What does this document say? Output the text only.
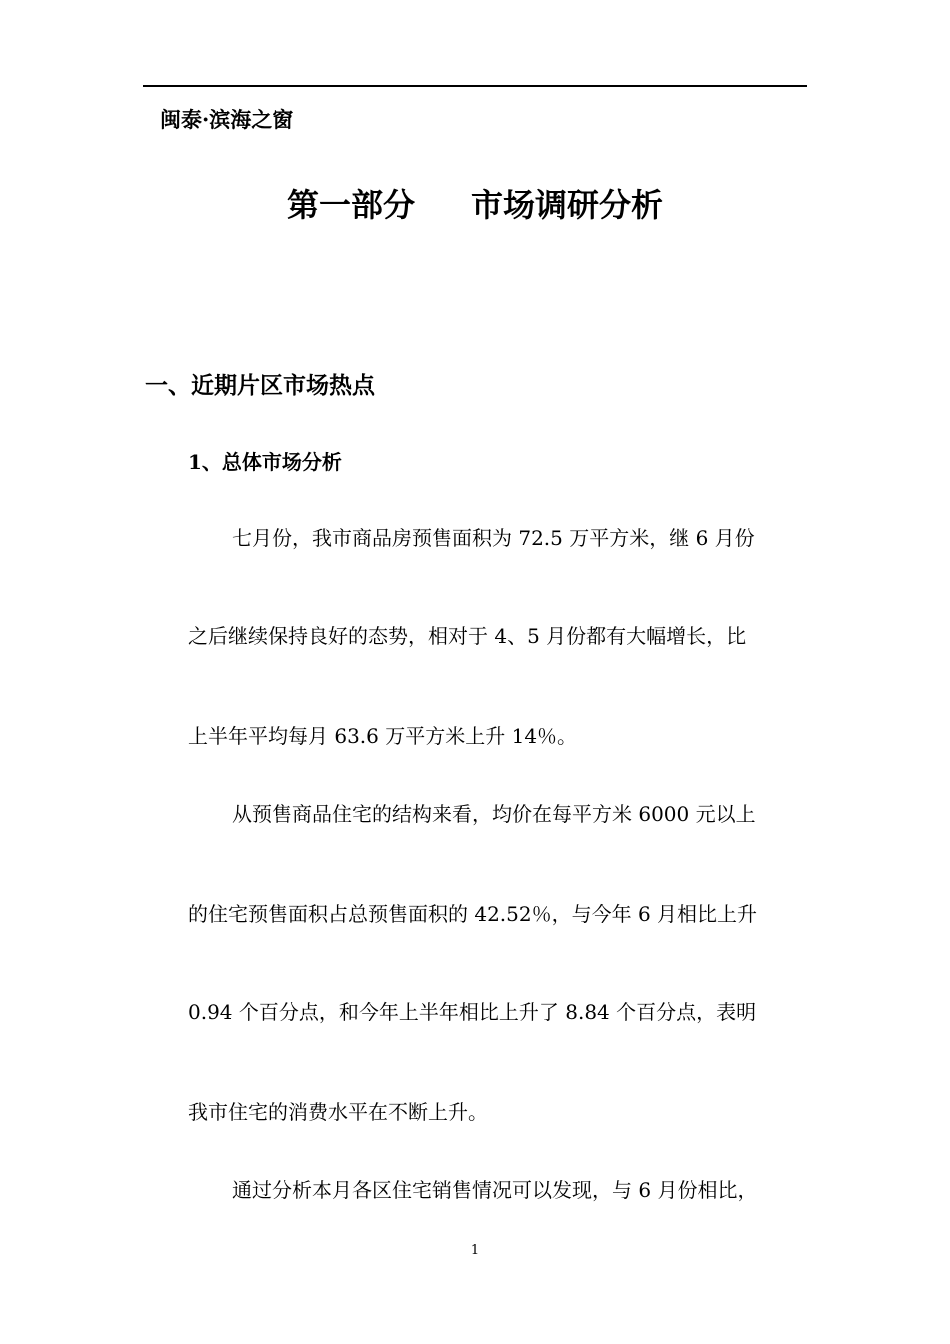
闽泰·滨海之窗
第一部分 市场调研分析
一、近期片区市场热点
1、总体市场分析
七月份，我市商品房预售面积为 72.5 万平方米，继 6 月份
之后继续保持良好的态势，相对于 4、5 月份都有大幅增长，比
上半年平均每月 63.6 万平方米上升 14％。
从预售商品住宅的结构来看，均价在每平方米 6000 元以上
的住宅预售面积占总预售面积的 42.52％，与今年 6 月相比上升
0.94 个百分点，和今年上半年相比上升了 8.84 个百分点，表明
我市住宅的消费水平在不断上升。
通过分析本月各区住宅销售情况可以发现，与 6 月份相比，
1
